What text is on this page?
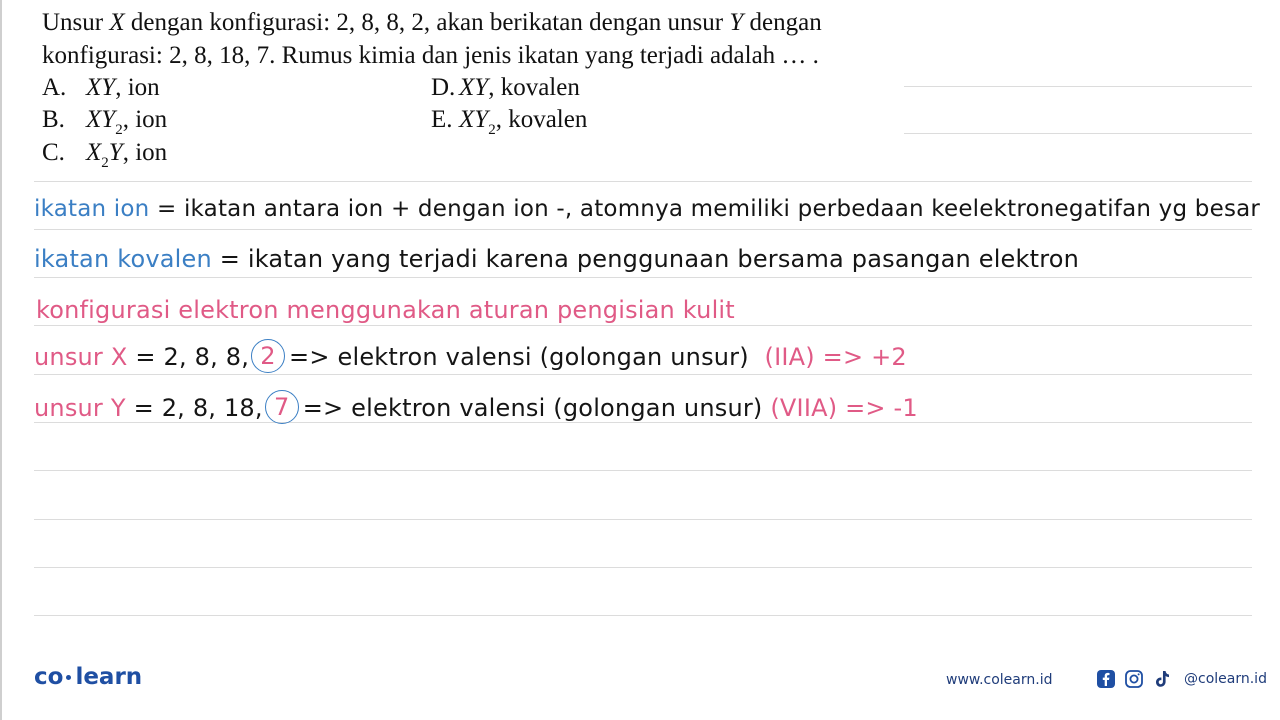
Unsur X dengan konfigurasi: 2, 8, 8, 2, akan berikatan dengan unsur Y dengan
konfigurasi: 2, 8, 18, 7. Rumus kimia dan jenis ikatan yang terjadi adalah … .
A. XY, ion
B. $XY_2$, ion
C. $X_2Y$, ion
D. XY, kovalen
E. $XY_2$, kovalen
ikatan ion = ikatan antara ion + dengan ion -, atomnya memiliki perbedaan keelektronegatifan yg besar
ikatan kovalen = ikatan yang terjadi karena penggunaan bersama pasangan elektron
konfigurasi elektron menggunakan aturan pengisian kulit
unsur X = 2, 8, 8, 2 => elektron valensi (golongan unsur) (IIA) => +2
unsur Y = 2, 8, 18, 7 => elektron valensi (golongan unsur) (VIIA) => -1
co learn	www.colearn.id	@colearn.id
